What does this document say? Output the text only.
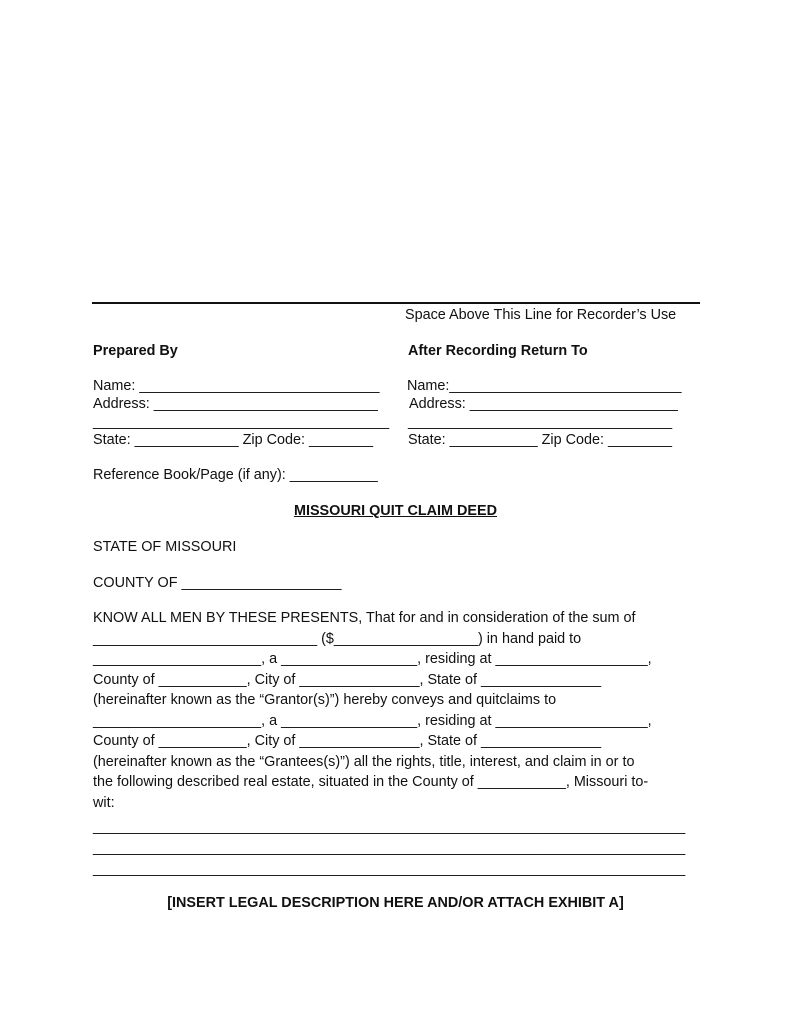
Space Above This Line for Recorder’s Use
Prepared By	After Recording Return To
Name: ______________________________
Address: ____________________________
_____________________________________
State: _____________ Zip Code: ________
Name:_____________________________
Address: __________________________
_________________________________
State: ___________ Zip Code: ________
Reference Book/Page (if any): ___________
MISSOURI QUIT CLAIM DEED
STATE OF MISSOURI
COUNTY OF ____________________
KNOW ALL MEN BY THESE PRESENTS, That for and in consideration of the sum of
____________________________ ($__________________) in hand paid to
_____________________, a _________________, residing at ___________________,
County of ___________, City of _______________, State of _______________
(hereinafter known as the “Grantor(s)”) hereby conveys and quitclaims to
_____________________, a _________________, residing at ___________________,
County of ___________, City of _______________, State of _______________
(hereinafter known as the “Grantees(s)”) all the rights, title, interest, and claim in or to
the following described real estate, situated in the County of ___________, Missouri to-
wit:
__________________________________________________________________________
__________________________________________________________________________
__________________________________________________________________________
[INSERT LEGAL DESCRIPTION HERE AND/OR ATTACH EXHIBIT A]
